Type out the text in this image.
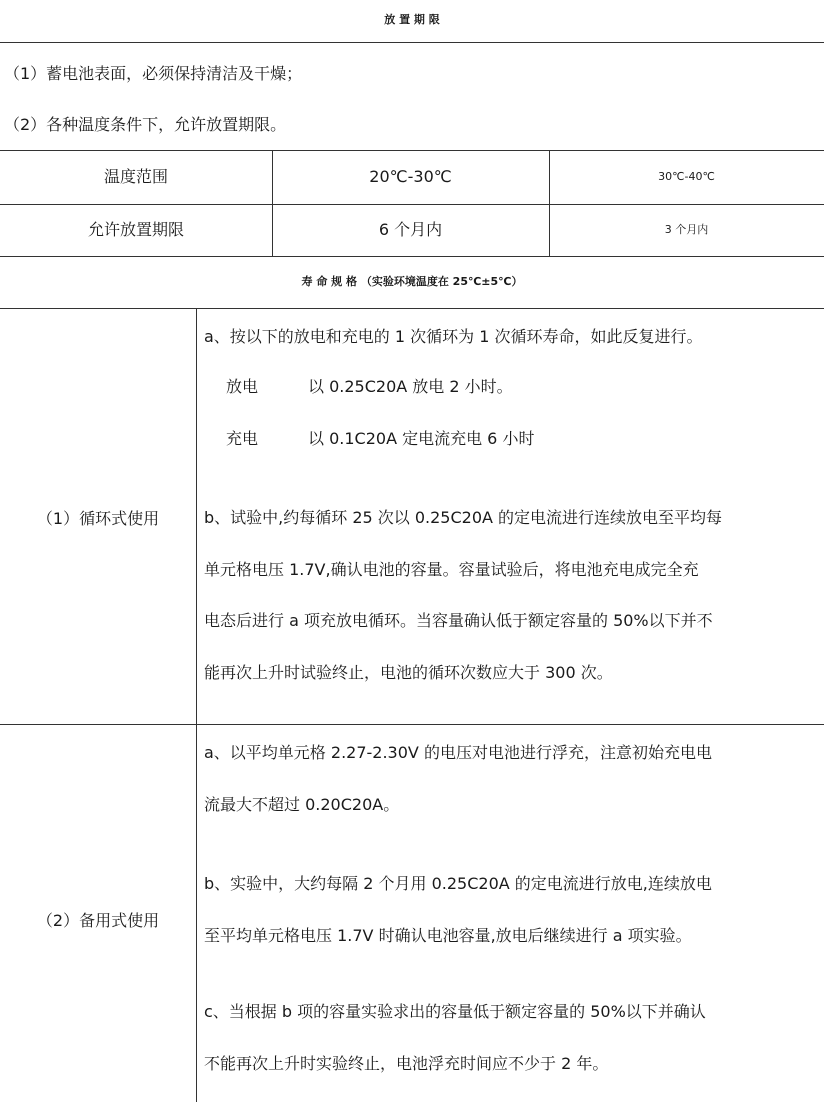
放 置 期 限
（1）蓄电池表面，必须保持清洁及干燥；
（2）各种温度条件下，允许放置期限。
温度范围	20℃-30℃	30℃-40℃
允许放置期限	6 个月内	3 个月内
寿 命 规 格 （实验环境温度在 25℃±5℃）
（1）循环式使用
a、按以下的放电和充电的 1 次循环为 1 次循环寿命，如此反复进行。
放电	以 0.25C20A 放电 2 小时。
充电	以 0.1C20A 定电流充电 6 小时
b、试验中,约每循环 25 次以 0.25C20A 的定电流进行连续放电至平均每
单元格电压 1.7V,确认电池的容量。容量试验后，将电池充电成完全充
电态后进行 a 项充放电循环。当容量确认低于额定容量的 50%以下并不
能再次上升时试验终止，电池的循环次数应大于 300 次。
（2）备用式使用
a、以平均单元格 2.27-2.30V 的电压对电池进行浮充，注意初始充电电
流最大不超过 0.20C20A。
b、实验中，大约每隔 2 个月用 0.25C20A 的定电流进行放电,连续放电
至平均单元格电压 1.7V 时确认电池容量,放电后继续进行 a 项实验。
c、当根据 b 项的容量实验求出的容量低于额定容量的 50%以下并确认
不能再次上升时实验终止，电池浮充时间应不少于 2 年。
